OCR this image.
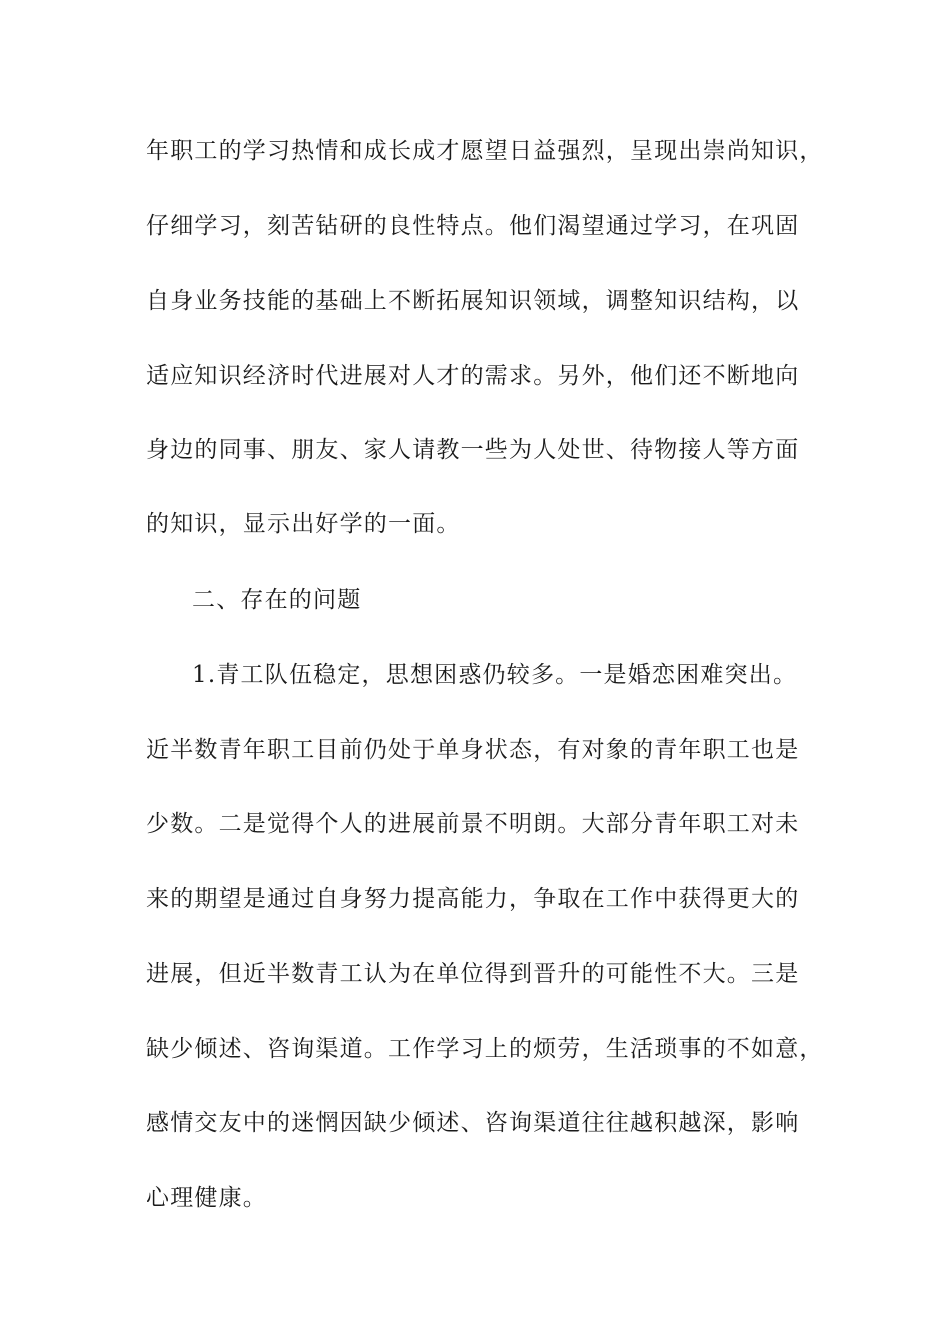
年职工的学习热情和成长成才愿望日益强烈，呈现出崇尚知识，
仔细学习，刻苦钻研的良性特点。他们渴望通过学习，在巩固
自身业务技能的基础上不断拓展知识领域，调整知识结构，以
适应知识经济时代进展对人才的需求。另外，他们还不断地向
身边的同事、朋友、家人请教一些为人处世、待物接人等方面
的知识，显示出好学的一面。
二、存在的问题
1.青工队伍稳定，思想困惑仍较多。一是婚恋困难突出。
近半数青年职工目前仍处于单身状态，有对象的青年职工也是
少数。二是觉得个人的进展前景不明朗。大部分青年职工对未
来的期望是通过自身努力提高能力，争取在工作中获得更大的
进展，但近半数青工认为在单位得到晋升的可能性不大。三是
缺少倾述、咨询渠道。工作学习上的烦劳，生活琐事的不如意，
感情交友中的迷惘因缺少倾述、咨询渠道往往越积越深，影响
心理健康。
